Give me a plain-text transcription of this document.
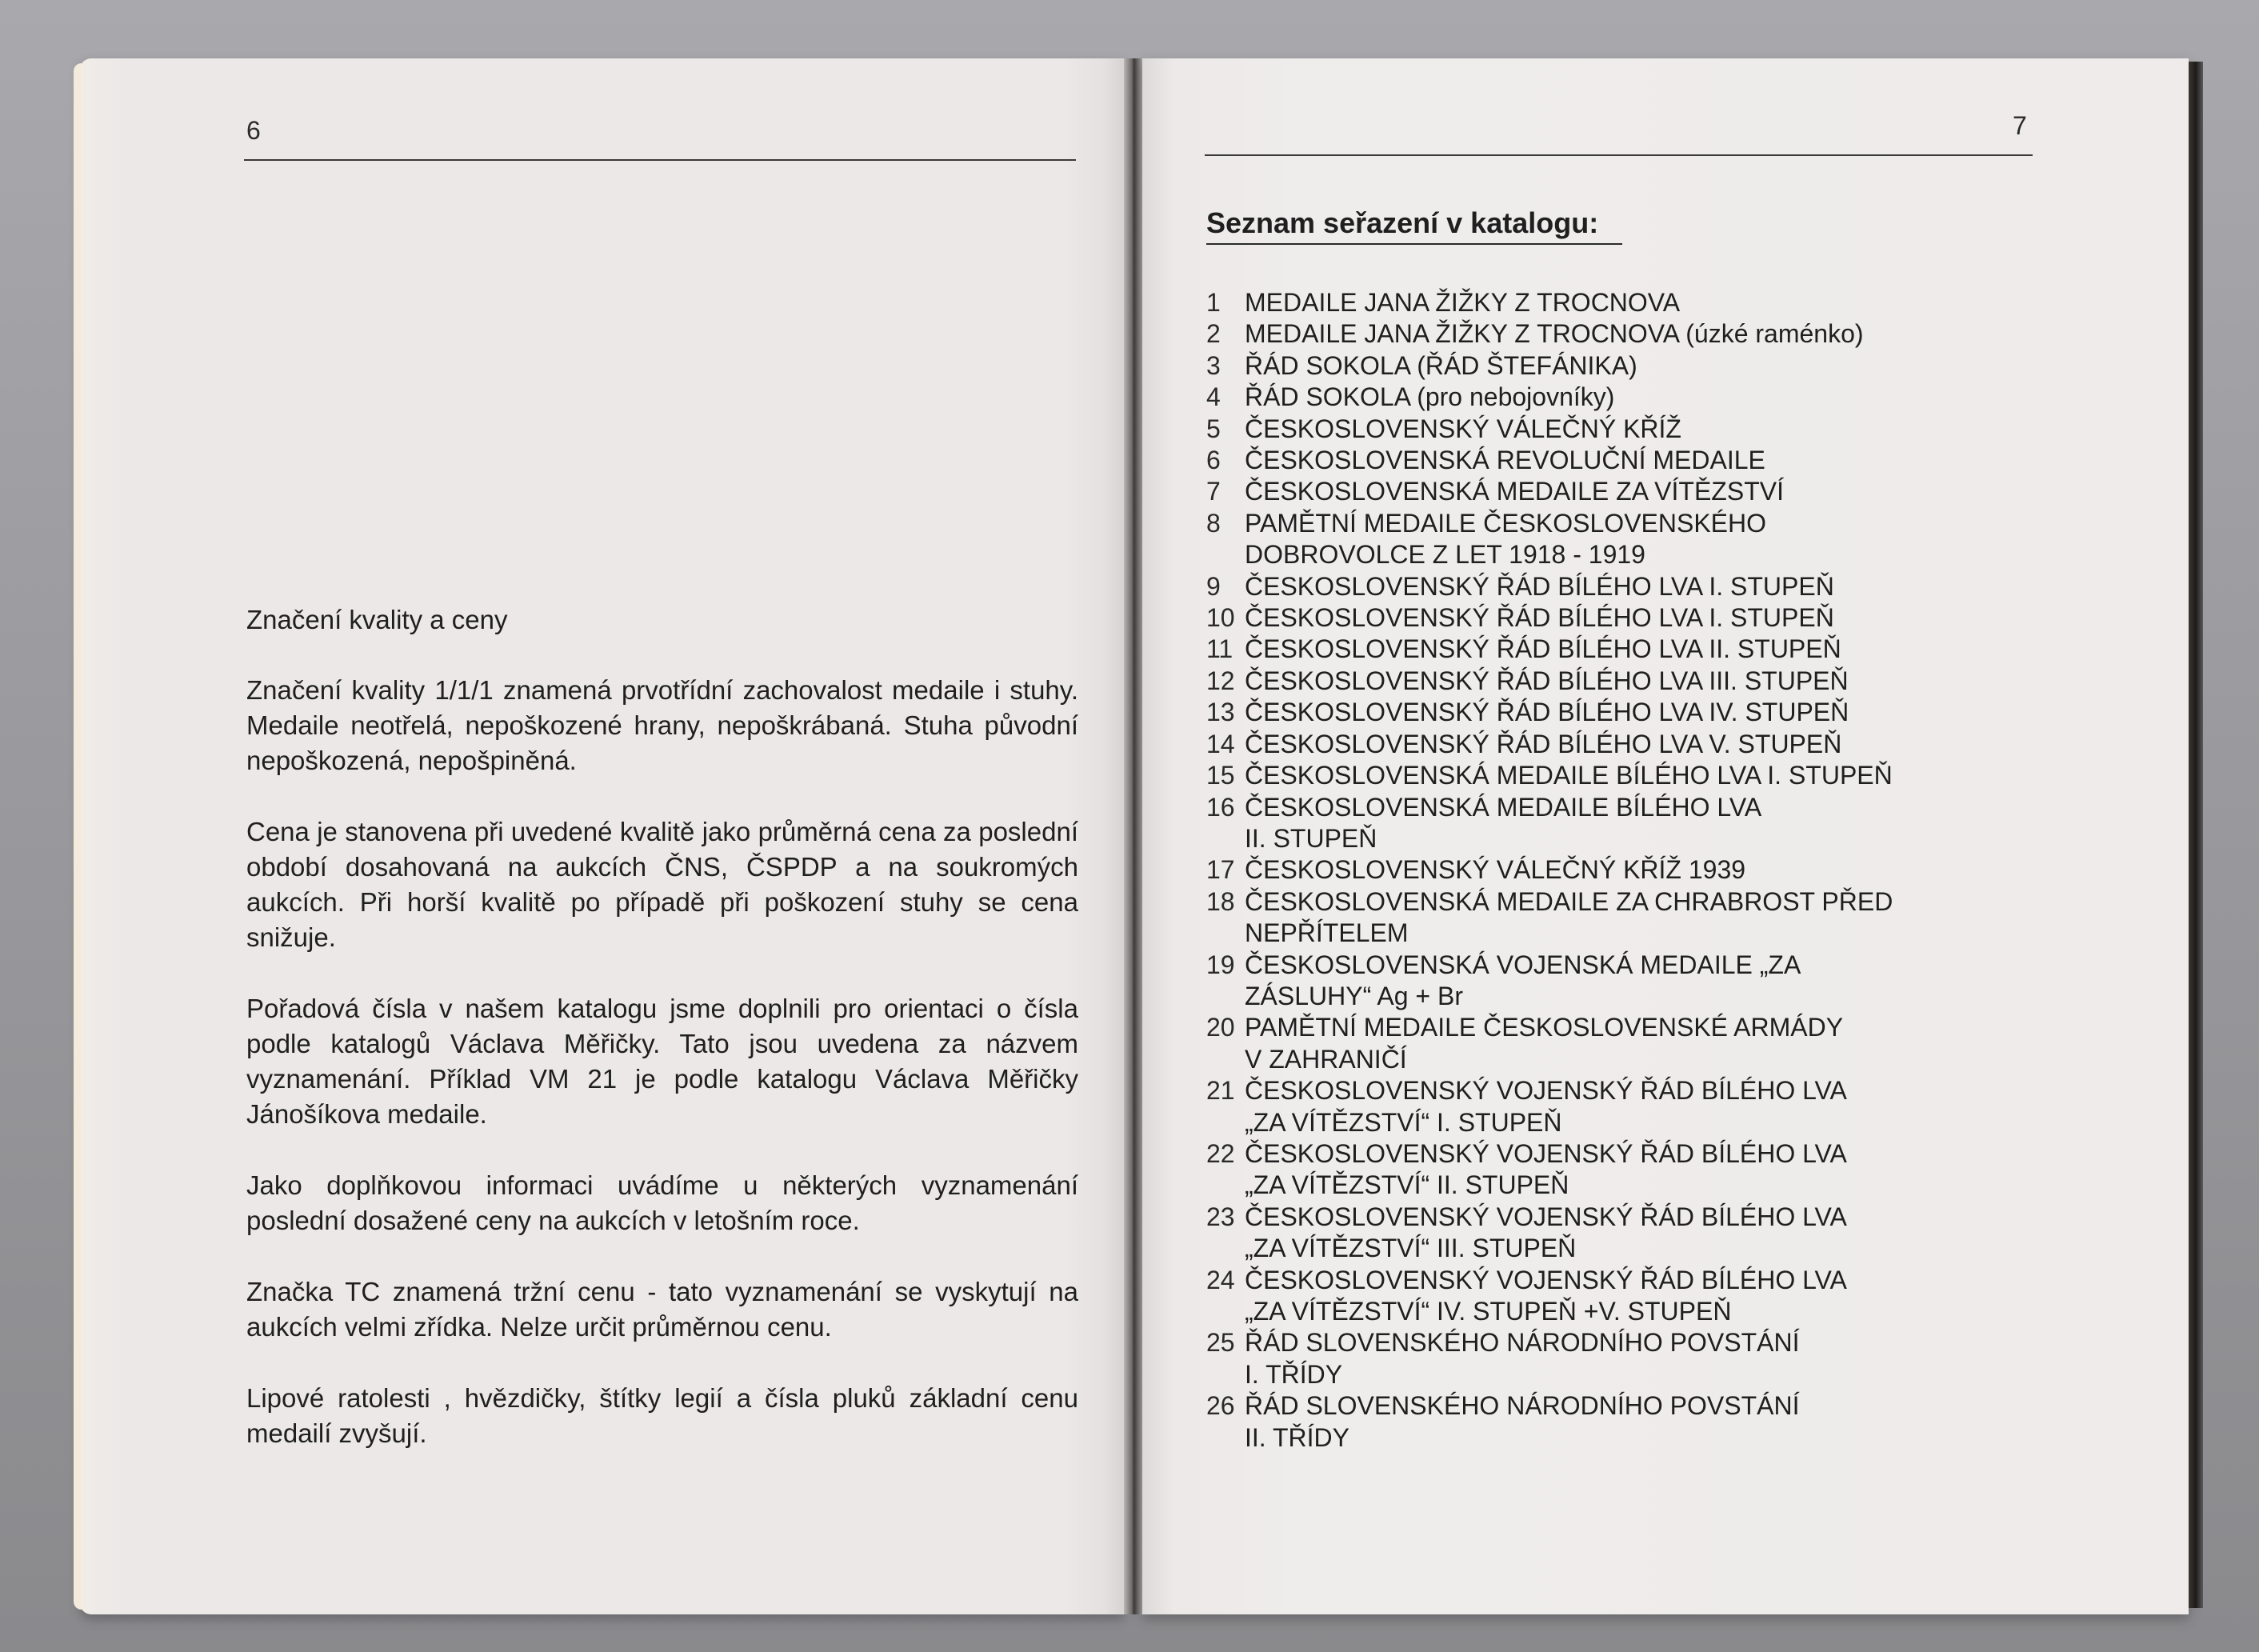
6
Značení kvality a ceny

Značení kvality 1/1/1 znamená prvotřídní zachovalost medaile i stuhy. Medaile neotřelá, nepoškozené hrany, nepoškrábaná. Stuha původní nepoškozená, nepošpiněná.

Cena je stanovena při uvedené kvalitě jako průměrná cena za poslední období dosahovaná na aukcích ČNS, ČSPDP a na soukromých aukcích. Při horší kvalitě po případě při poškození stuhy se cena snižuje.

Pořadová čísla v našem katalogu jsme doplnili pro orientaci o čísla podle katalogů Václava Měřičky. Tato jsou uvedena za názvem vyznamenání. Příklad VM 21 je podle katalogu Václava Měřičky Jánošíkova medaile.

Jako doplňkovou informaci uvádíme u některých vyznamenání poslední dosažené ceny na aukcích v letošním roce.

Značka TC znamená tržní cenu - tato vyznamenání se vyskytují na aukcích velmi zřídka. Nelze určit průměrnou cenu.

Lipové ratolesti , hvězdičky, štítky legií a čísla pluků základní cenu medailí zvyšují.

7
Seznam seřazení v katalogu:
1 MEDAILE JANA ŽIŽKY Z TROCNOVA
2 MEDAILE JANA ŽIŽKY Z TROCNOVA (úzké raménko)
3 ŘÁD SOKOLA (ŘÁD ŠTEFÁNIKA)
4 ŘÁD SOKOLA (pro nebojovníky)
5 ČESKOSLOVENSKÝ VÁLEČNÝ KŘÍŽ
6 ČESKOSLOVENSKÁ REVOLUČNÍ MEDAILE
7 ČESKOSLOVENSKÁ MEDAILE ZA VÍTĚZSTVÍ
8 PAMĚTNÍ MEDAILE ČESKOSLOVENSKÉHO
DOBROVOLCE Z LET 1918 - 1919
9 ČESKOSLOVENSKÝ ŘÁD BÍLÉHO LVA I. STUPEŇ
10 ČESKOSLOVENSKÝ ŘÁD BÍLÉHO LVA I. STUPEŇ
11 ČESKOSLOVENSKÝ ŘÁD BÍLÉHO LVA II. STUPEŇ
12 ČESKOSLOVENSKÝ ŘÁD BÍLÉHO LVA III. STUPEŇ
13 ČESKOSLOVENSKÝ ŘÁD BÍLÉHO LVA IV. STUPEŇ
14 ČESKOSLOVENSKÝ ŘÁD BÍLÉHO LVA V. STUPEŇ
15 ČESKOSLOVENSKÁ MEDAILE BÍLÉHO LVA I. STUPEŇ
16 ČESKOSLOVENSKÁ MEDAILE BÍLÉHO LVA
II. STUPEŇ
17 ČESKOSLOVENSKÝ VÁLEČNÝ KŘÍŽ 1939
18 ČESKOSLOVENSKÁ MEDAILE ZA CHRABROST PŘED
NEPŘÍTELEM
19 ČESKOSLOVENSKÁ VOJENSKÁ MEDAILE „ZA
ZÁSLUHY“ Ag + Br
20 PAMĚTNÍ MEDAILE ČESKOSLOVENSKÉ ARMÁDY
V ZAHRANIČÍ
21 ČESKOSLOVENSKÝ VOJENSKÝ ŘÁD BÍLÉHO LVA
„ZA VÍTĚZSTVÍ“ I. STUPEŇ
22 ČESKOSLOVENSKÝ VOJENSKÝ ŘÁD BÍLÉHO LVA
„ZA VÍTĚZSTVÍ“ II. STUPEŇ
23 ČESKOSLOVENSKÝ VOJENSKÝ ŘÁD BÍLÉHO LVA
„ZA VÍTĚZSTVÍ“ III. STUPEŇ
24 ČESKOSLOVENSKÝ VOJENSKÝ ŘÁD BÍLÉHO LVA
„ZA VÍTĚZSTVÍ“ IV. STUPEŇ +V. STUPEŇ
25 ŘÁD SLOVENSKÉHO NÁRODNÍHO POVSTÁNÍ
I. TŘÍDY
26 ŘÁD SLOVENSKÉHO NÁRODNÍHO POVSTÁNÍ
II. TŘÍDY
